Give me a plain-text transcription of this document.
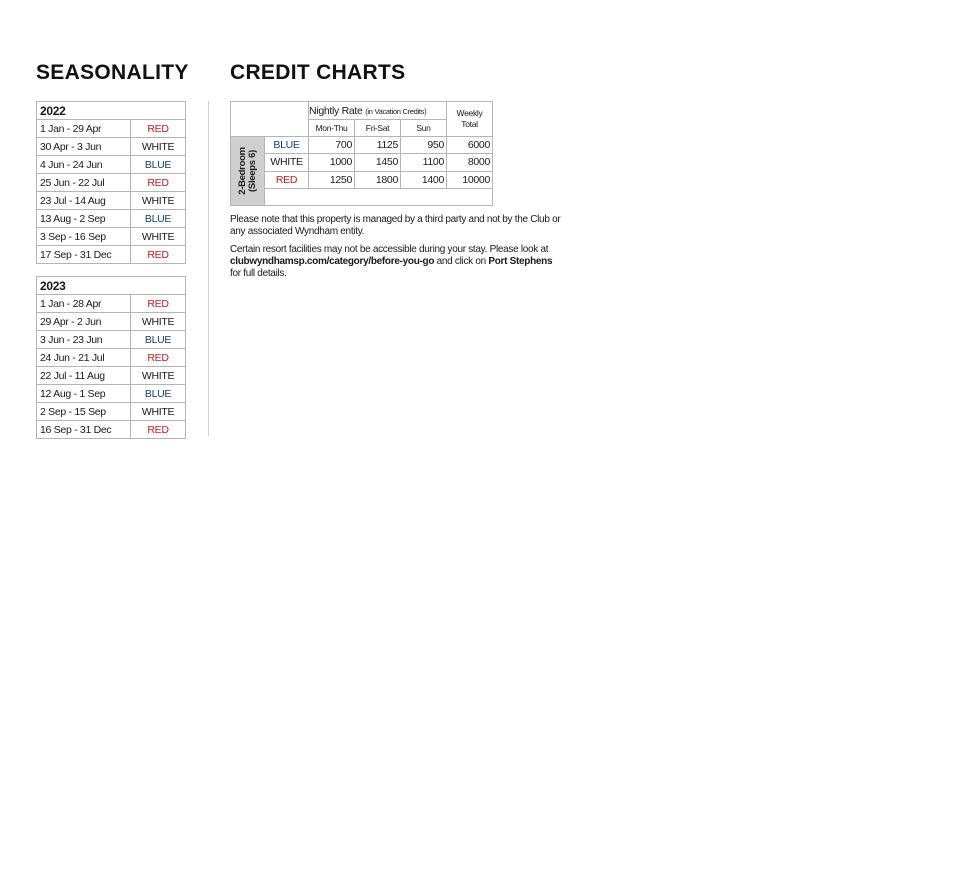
SEASONALITY CREDIT CHARTS
2022	
1 Jan - 29 Apr	RED
30 Apr - 3 Jun	WHITE
4 Jun - 24 Jun	BLUE
25 Jun - 22 Jul	RED
23 Jul - 14 Aug	WHITE
13 Aug - 2 Sep	BLUE
3 Sep - 16 Sep	WHITE
17 Sep - 31 Dec	RED
2023	
1 Jan - 28 Apr	RED
29 Apr - 2 Jun	WHITE
3 Jun - 23 Jun	BLUE
24 Jun - 21 Jul	RED
22 Jul - 11 Aug	WHITE
12 Aug - 1 Sep	BLUE
2 Sep - 15 Sep	WHITE
16 Sep - 31 Dec	RED
		Nightly Rate (in Vacation Credits)			Weekly
Total
		Mon-Thu	Fri-Sat	Sun	

2-Bedroom
(Sleeps 6)	BLUE	700	1125	950	6000
	WHITE	1000	1450	1100	8000
	RED	1250	1800	1400	10000

Please note that this property is managed by a third party and not by the Club or any associated Wyndham entity.

Certain resort facilities may not be accessible during your stay. Please look at clubwyndhamsp.com/category/before-you-go and click on Port Stephens for full details.
